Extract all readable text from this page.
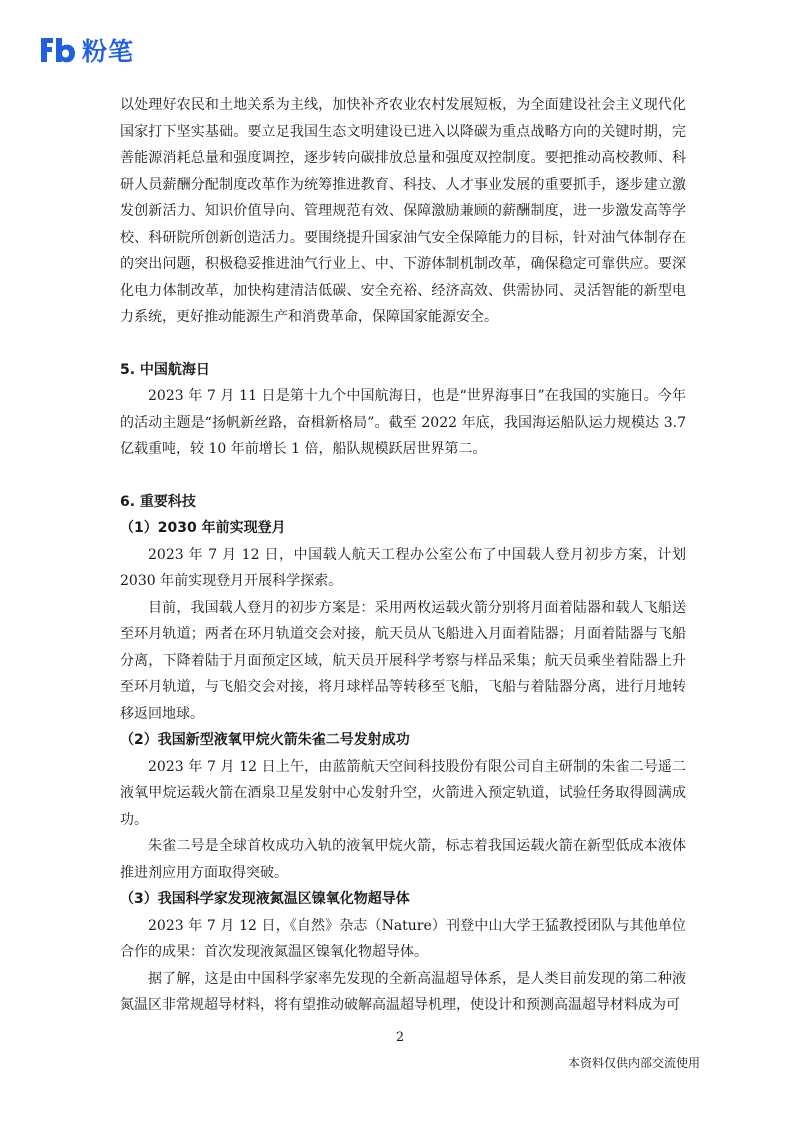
粉笔

以处理好农民和土地关系为主线，加快补齐农业农村发展短板，为全面建设社会主义现代化国家打下坚实基础。要立足我国生态文明建设已进入以降碳为重点战略方向的关键时期，完善能源消耗总量和强度调控，逐步转向碳排放总量和强度双控制度。要把推动高校教师、科研人员薪酬分配制度改革作为统筹推进教育、科技、人才事业发展的重要抓手，逐步建立激发创新活力、知识价值导向、管理规范有效、保障激励兼顾的薪酬制度，进一步激发高等学校、科研院所创新创造活力。要围绕提升国家油气安全保障能力的目标，针对油气体制存在的突出问题，积极稳妥推进油气行业上、中、下游体制机制改革，确保稳定可靠供应。要深化电力体制改革，加快构建清洁低碳、安全充裕、经济高效、供需协同、灵活智能的新型电力系统，更好推动能源生产和消费革命，保障国家能源安全。

5. 中国航海日

2023 年 7 月 11 日是第十九个中国航海日，也是“世界海事日”在我国的实施日。今年的活动主题是“扬帆新丝路，奋楫新格局”。截至 2022 年底，我国海运船队运力规模达 3.7 亿载重吨，较 10 年前增长 1 倍，船队规模跃居世界第二。

6. 重要科技

（1）2030 年前实现登月

2023 年 7 月 12 日，中国载人航天工程办公室公布了中国载人登月初步方案，计划 2030 年前实现登月开展科学探索。

目前，我国载人登月的初步方案是：采用两枚运载火箭分别将月面着陆器和载人飞船送至环月轨道；两者在环月轨道交会对接，航天员从飞船进入月面着陆器；月面着陆器与飞船分离，下降着陆于月面预定区域，航天员开展科学考察与样品采集；航天员乘坐着陆器上升至环月轨道，与飞船交会对接，将月球样品等转移至飞船，飞船与着陆器分离，进行月地转移返回地球。

（2）我国新型液氧甲烷火箭朱雀二号发射成功

2023 年 7 月 12 日上午，由蓝箭航天空间科技股份有限公司自主研制的朱雀二号遥二液氧甲烷运载火箭在酒泉卫星发射中心发射升空，火箭进入预定轨道，试验任务取得圆满成功。

朱雀二号是全球首枚成功入轨的液氧甲烷火箭，标志着我国运载火箭在新型低成本液体推进剂应用方面取得突破。

（3）我国科学家发现液氮温区镍氧化物超导体

2023 年 7 月 12 日，《自然》杂志（Nature）刊登中山大学王猛教授团队与其他单位合作的成果：首次发现液氮温区镍氧化物超导体。

据了解，这是由中国科学家率先发现的全新高温超导体系，是人类目前发现的第二种液氮温区非常规超导材料，将有望推动破解高温超导机理，使设计和预测高温超导材料成为可

2
本资料仅供内部交流使用
